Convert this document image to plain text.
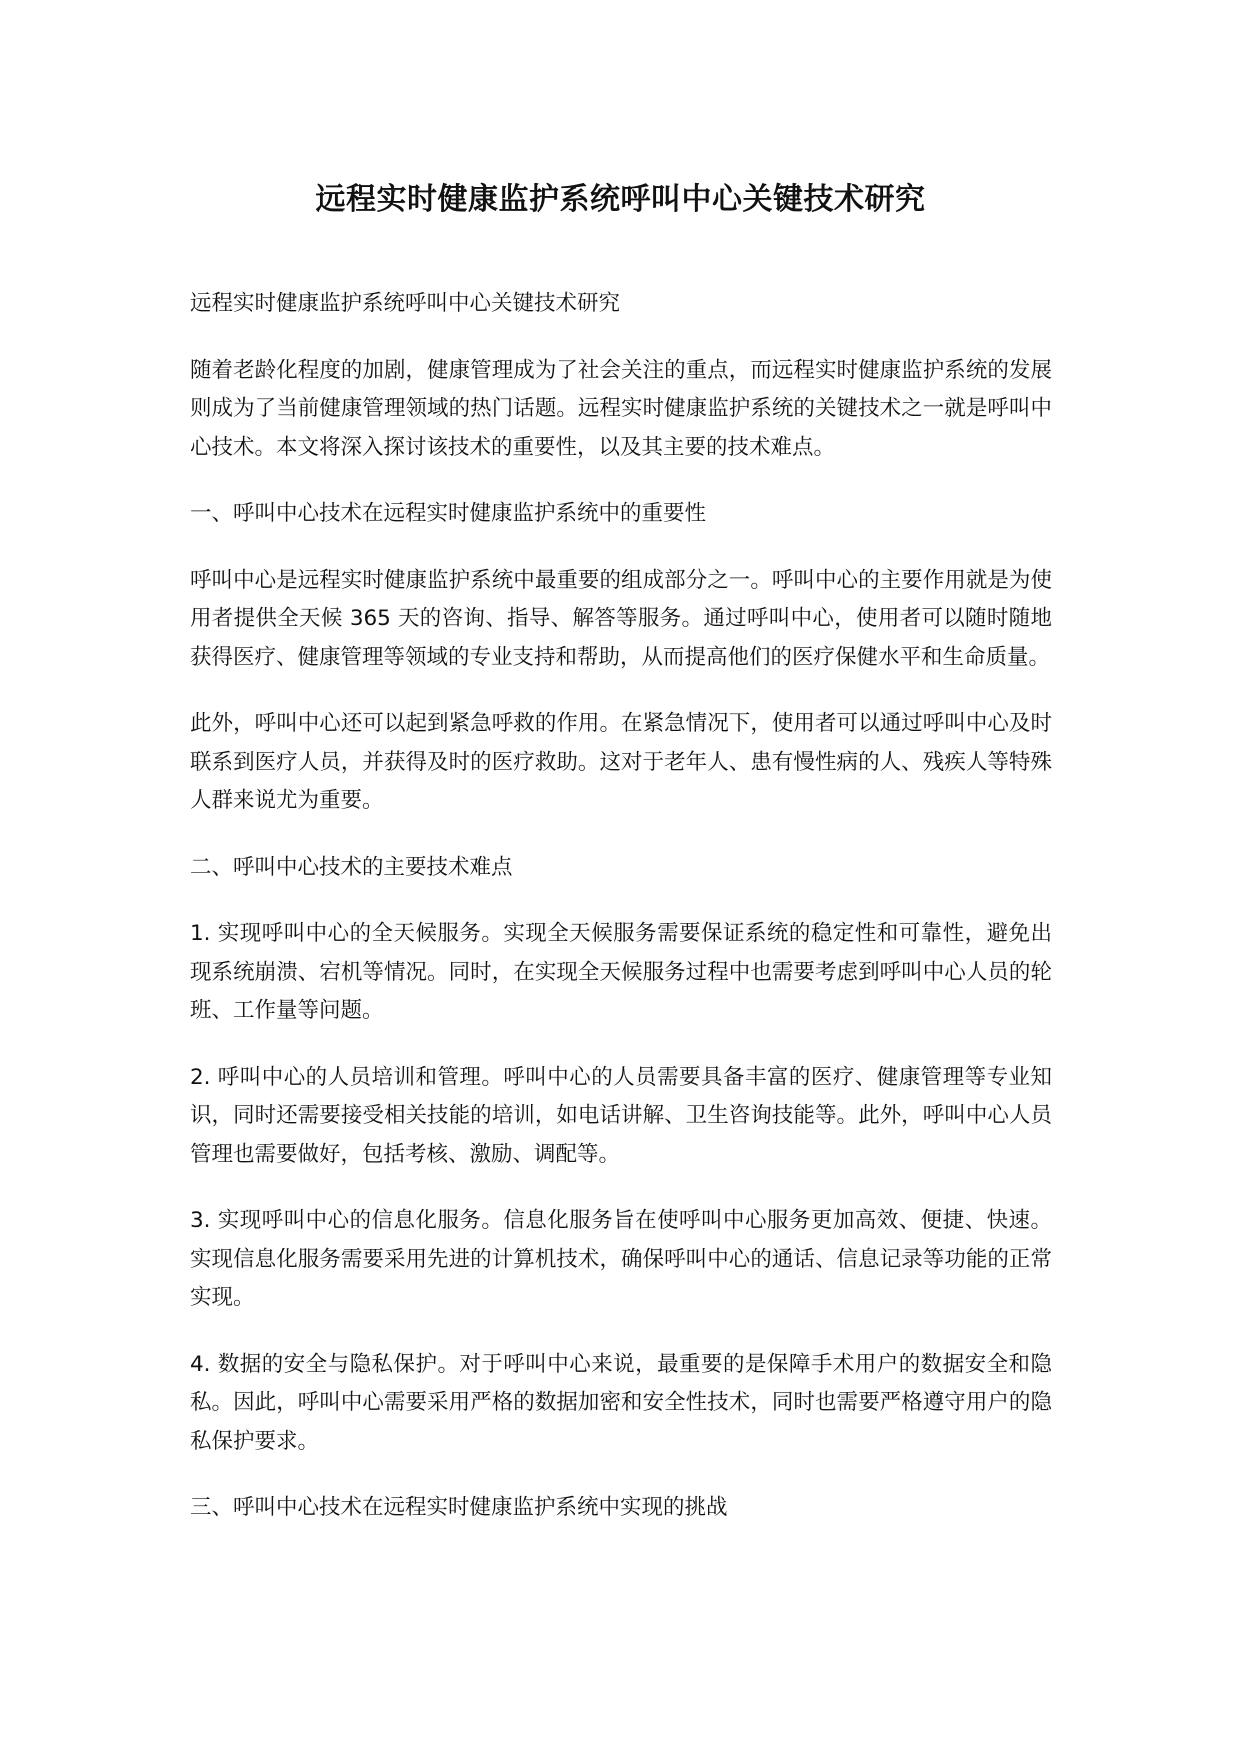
远程实时健康监护系统呼叫中心关键技术研究

远程实时健康监护系统呼叫中心关键技术研究

随着老龄化程度的加剧，健康管理成为了社会关注的重点，而远程实时健康监护系统的发展则成为了当前健康管理领域的热门话题。远程实时健康监护系统的关键技术之一就是呼叫中心技术。本文将深入探讨该技术的重要性，以及其主要的技术难点。

一、呼叫中心技术在远程实时健康监护系统中的重要性

呼叫中心是远程实时健康监护系统中最重要的组成部分之一。呼叫中心的主要作用就是为使用者提供全天候 365 天的咨询、指导、解答等服务。通过呼叫中心，使用者可以随时随地获得医疗、健康管理等领域的专业支持和帮助，从而提高他们的医疗保健水平和生命质量。

此外，呼叫中心还可以起到紧急呼救的作用。在紧急情况下，使用者可以通过呼叫中心及时联系到医疗人员，并获得及时的医疗救助。这对于老年人、患有慢性病的人、残疾人等特殊人群来说尤为重要。

二、呼叫中心技术的主要技术难点

1. 实现呼叫中心的全天候服务。实现全天候服务需要保证系统的稳定性和可靠性，避免出现系统崩溃、宕机等情况。同时，在实现全天候服务过程中也需要考虑到呼叫中心人员的轮班、工作量等问题。

2. 呼叫中心的人员培训和管理。呼叫中心的人员需要具备丰富的医疗、健康管理等专业知识，同时还需要接受相关技能的培训，如电话讲解、卫生咨询技能等。此外，呼叫中心人员管理也需要做好，包括考核、激励、调配等。

3. 实现呼叫中心的信息化服务。信息化服务旨在使呼叫中心服务更加高效、便捷、快速。实现信息化服务需要采用先进的计算机技术，确保呼叫中心的通话、信息记录等功能的正常实现。

4. 数据的安全与隐私保护。对于呼叫中心来说，最重要的是保障手术用户的数据安全和隐私。因此，呼叫中心需要采用严格的数据加密和安全性技术，同时也需要严格遵守用户的隐私保护要求。

三、呼叫中心技术在远程实时健康监护系统中实现的挑战
